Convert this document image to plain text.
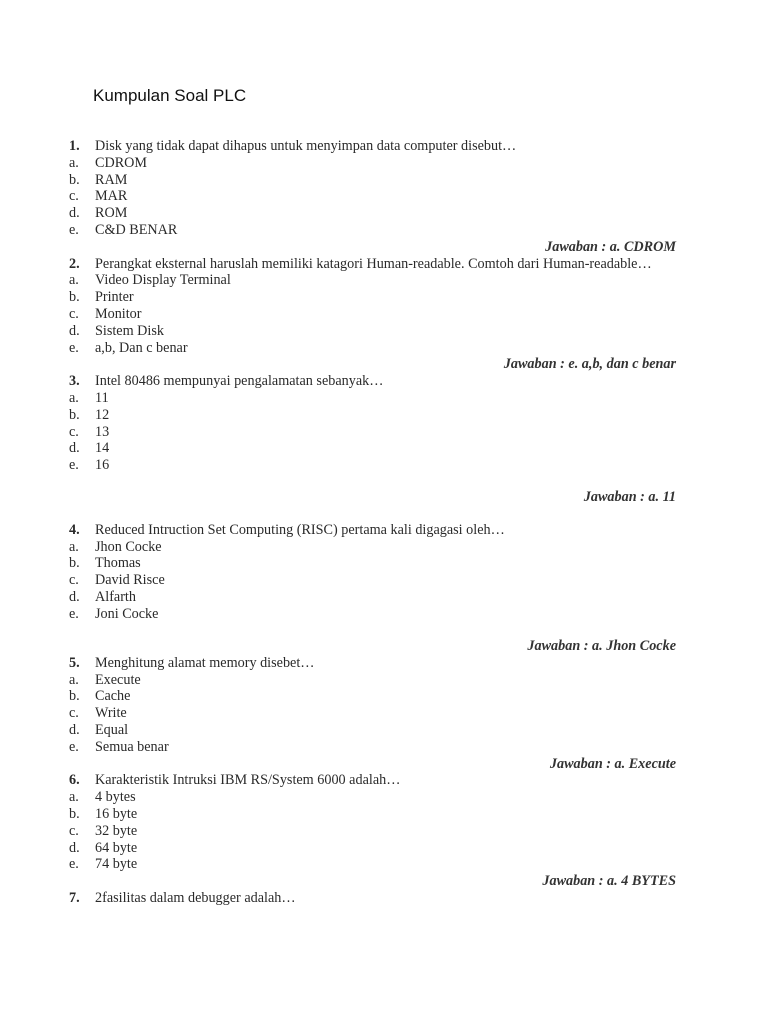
Kumpulan Soal PLC
1.	Disk yang tidak dapat dihapus untuk menyimpan data computer disebut…
a.	CDROM
b.	RAM
c.	MAR
d.	ROM
e.	C&D BENAR
Jawaban : a. CDROM
2.	Perangkat eksternal haruslah memiliki katagori Human-readable. Comtoh dari Human-readable…
a.	Video Display Terminal
b.	Printer
c.	Monitor
d.	Sistem Disk
e.	a,b, Dan c benar
Jawaban : e. a,b, dan c benar
3.	Intel 80486 mempunyai pengalamatan sebanyak…
a.	11
b.	12
c.	13
d.	14
e.	16
Jawaban : a. 11
4.	Reduced Intruction Set Computing (RISC) pertama kali digagasi oleh…
a.	Jhon Cocke
b.	Thomas
c.	David Risce
d.	Alfarth
e.	Joni Cocke
Jawaban : a. Jhon Cocke
5.	Menghitung alamat memory disebet…
a.	Execute
b.	Cache
c.	Write
d.	Equal
e.	Semua benar
Jawaban : a. Execute
6.	Karakteristik Intruksi IBM RS/System 6000 adalah…
a.	4 bytes
b.	16 byte
c.	32 byte
d.	64 byte
e.	74 byte
Jawaban : a. 4 BYTES
7.	2fasilitas dalam debugger adalah…
